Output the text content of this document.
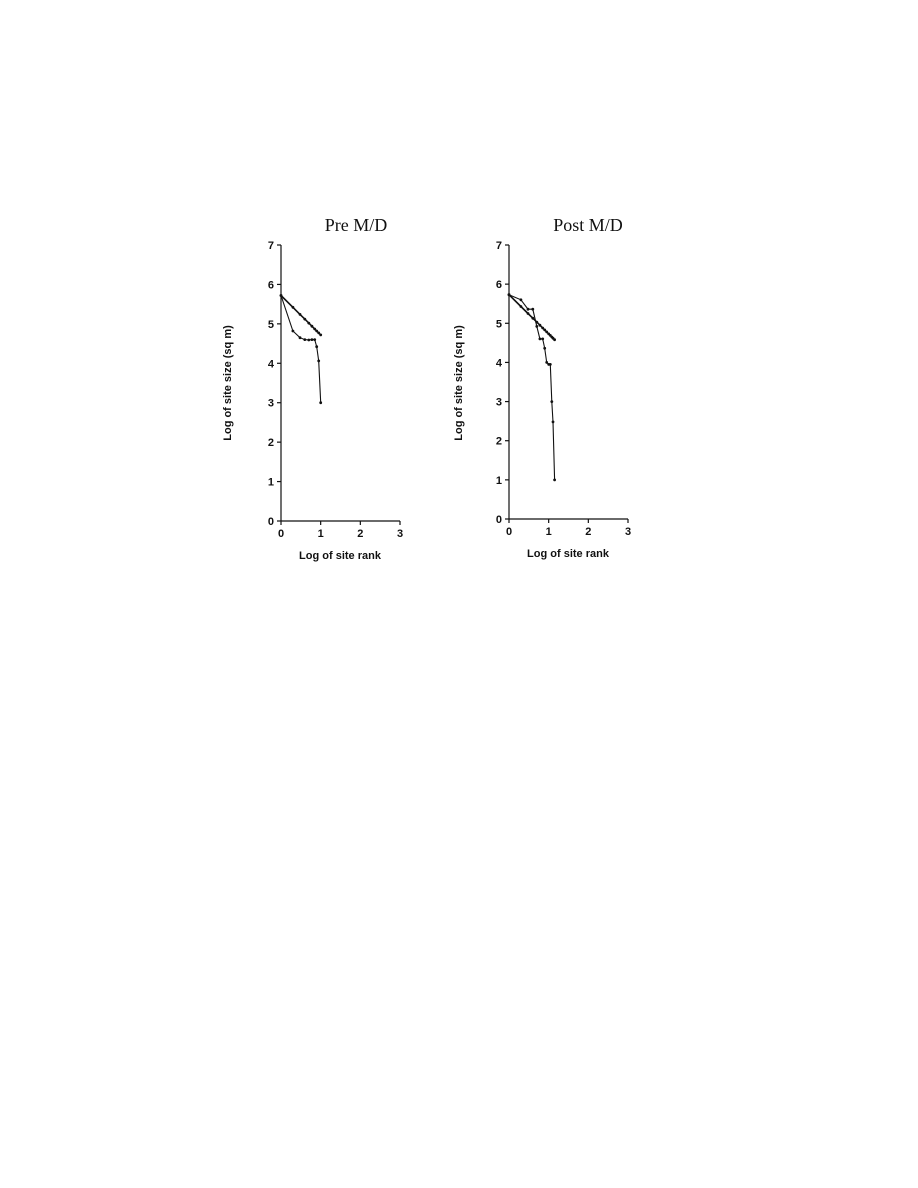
Pre M/D
Log of site size (sq m)
Log of site rank
0
1
2
3
4
5
6
7
0	1	2	3
Post M/D
Log of site size (sq m)
Log of site rank
0
1
2
3
4
5
6
7
0	1	2	3
